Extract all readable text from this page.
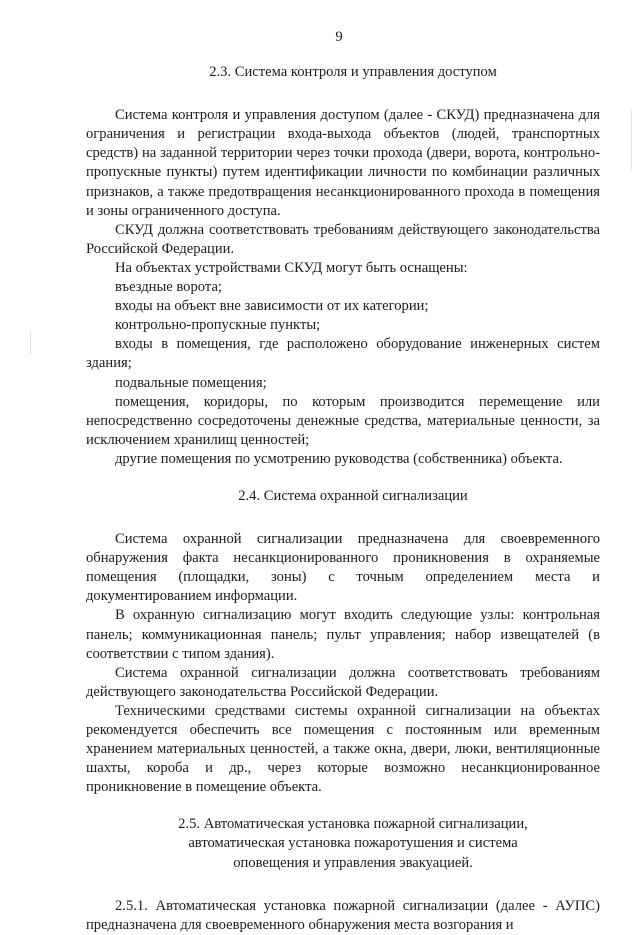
9
2.3. Система контроля и управления доступом

Система контроля и управления доступом (далее - СКУД) предназначена для ограничения и регистрации входа-выхода объектов (людей, транспортных средств) на заданной территории через точки прохода (двери, ворота, контрольно-пропускные пункты) путем идентификации личности по комбинации различных признаков, а также предотвращения несанкционированного прохода в помещения и зоны ограниченного доступа.

СКУД должна соответствовать требованиям действующего законодательства Российской Федерации.

На объектах устройствами СКУД могут быть оснащены:

въездные ворота;

входы на объект вне зависимости от их категории;

контрольно-пропускные пункты;

входы в помещения, где расположено оборудование инженерных систем здания;

подвальные помещения;

помещения, коридоры, по которым производится перемещение или непосредственно сосредоточены денежные средства, материальные ценности, за исключением хранилищ ценностей;

другие помещения по усмотрению руководства (собственника) объекта.

2.4. Система охранной сигнализации

Система охранной сигнализации предназначена для своевременного обнаружения факта несанкционированного проникновения в охраняемые помещения (площадки, зоны) с точным определением места и документированием информации.

В охранную сигнализацию могут входить следующие узлы: контрольная панель; коммуникационная панель; пульт управления; набор извещателей (в соответствии с типом здания).

Система охранной сигнализации должна соответствовать требованиям действующего законодательства Российской Федерации.

Техническими средствами системы охранной сигнализации на объектах рекомендуется обеспечить все помещения с постоянным или временным хранением материальных ценностей, а также окна, двери, люки, вентиляционные шахты, короба и др., через которые возможно несанкционированное проникновение в помещение объекта.

2.5. Автоматическая установка пожарной сигнализации,
автоматическая установка пожаротушения и система
оповещения и управления эвакуацией.

2.5.1. Автоматическая установка пожарной сигнализации (далее - АУПС) предназначена для своевременного обнаружения места возгорания и
